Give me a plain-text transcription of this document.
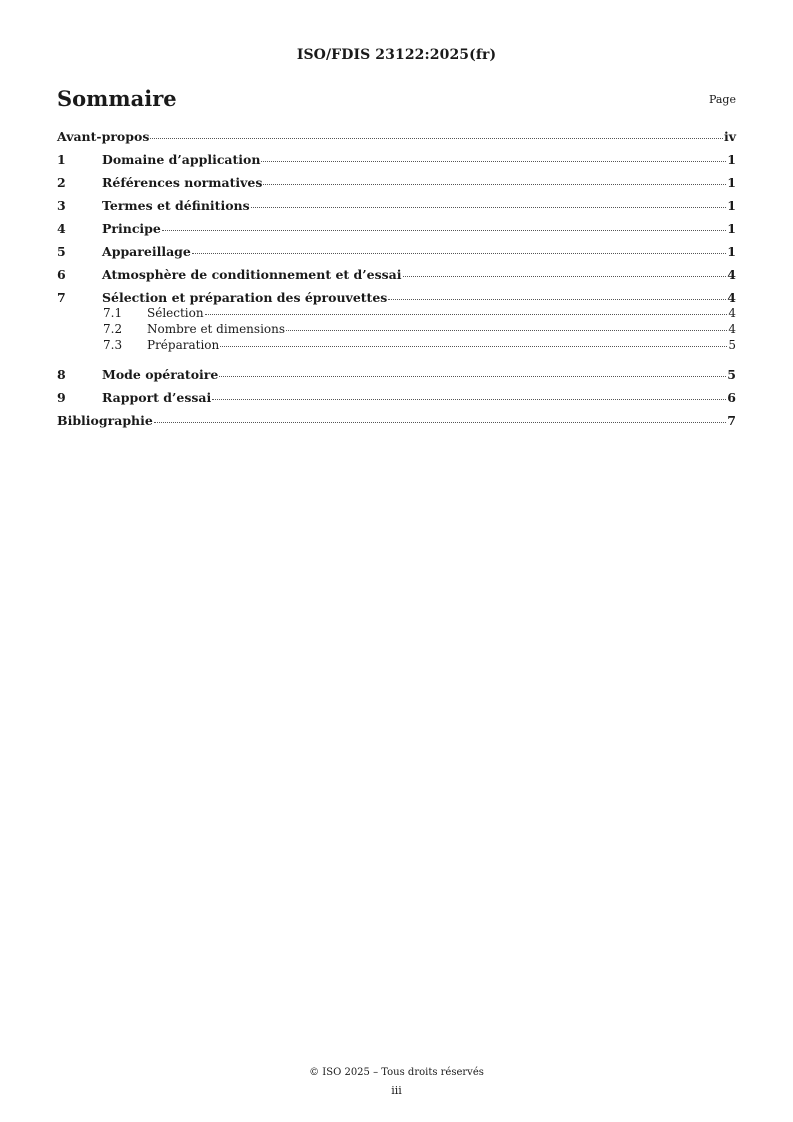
ISO/FDIS 23122:2025(fr)
Sommaire	Page
Avant-propos	iv
1	Domaine d’application	1
2	Références normatives	1
3	Termes et définitions	1
4	Principe	1
5	Appareillage	1
6	Atmosphère de conditionnement et d’essai	4
7	Sélection et préparation des éprouvettes	4
7.1	Sélection	4
7.2	Nombre et dimensions	4
7.3	Préparation	5
8	Mode opératoire	5
9	Rapport d’essai	6
Bibliographie	7
© ISO 2025 – Tous droits réservés
iii
